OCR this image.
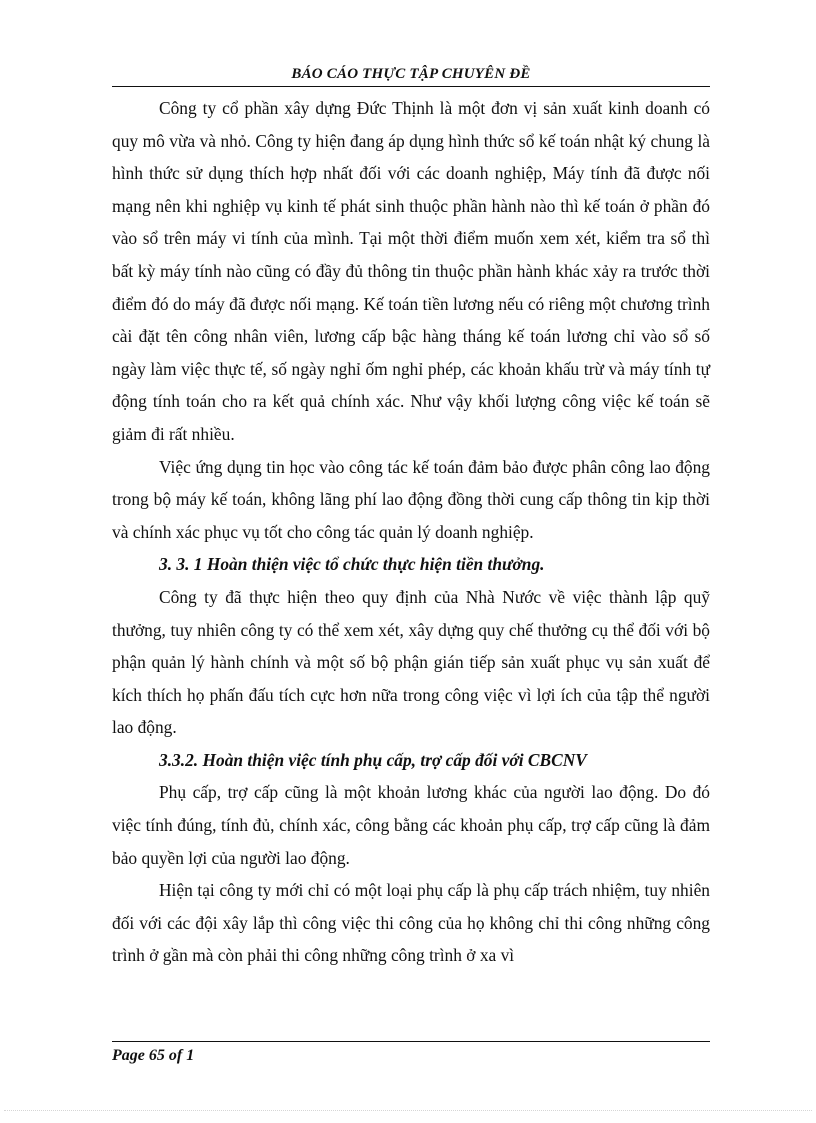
BÁO CÁO THỰC TẬP CHUYÊN ĐỀ

Công ty cổ phần xây dựng Đức Thịnh là một đơn vị sản xuất kinh doanh có quy mô vừa và nhỏ. Công ty hiện đang áp dụng hình thức sổ kế toán nhật ký chung là hình thức sử dụng thích hợp nhất đối với các doanh nghiệp, Máy tính đã được nối mạng nên khi nghiệp vụ kinh tế phát sinh thuộc phần hành nào thì kế toán ở phần đó vào sổ trên máy vi tính của mình. Tại một thời điểm muốn xem xét, kiểm tra sổ thì bất kỳ máy tính nào cũng có đầy đủ thông tin thuộc phần hành khác xảy ra trước thời điểm đó do máy đã được nối mạng. Kế toán tiền lương nếu có riêng một chương trình cài đặt tên công nhân viên, lương cấp bậc hàng tháng kế toán lương chỉ vào sổ số ngày làm việc thực tế, số ngày nghỉ ốm nghỉ phép, các khoản khấu trừ và máy tính tự động tính toán cho ra kết quả chính xác. Như vậy khối lượng công việc kế toán sẽ giảm đi rất nhiều.

Việc ứng dụng tin học vào công tác kế toán đảm bảo được phân công lao động trong bộ máy kế toán, không lãng phí lao động đồng thời cung cấp thông tin kịp thời và chính xác phục vụ tốt cho công tác quản lý doanh nghiệp.

3. 3. 1 Hoàn thiện việc tổ chức thực hiện tiền thưởng.

Công ty đã thực hiện theo quy định của Nhà Nước về việc thành lập quỹ thưởng, tuy nhiên công ty có thể xem xét, xây dựng quy chế thưởng cụ thể đối với bộ phận quản lý hành chính và một số bộ phận gián tiếp sản xuất phục vụ sản xuất để kích thích họ phấn đấu tích cực hơn nữa trong công việc vì lợi ích của tập thể người lao động.

3.3.2. Hoàn thiện việc tính phụ cấp, trợ cấp đối với CBCNV

Phụ cấp, trợ cấp cũng là một khoản lương khác của người lao động. Do đó việc tính đúng, tính đủ, chính xác, công bằng các khoản phụ cấp, trợ cấp cũng là đảm bảo quyền lợi của người lao động.

Hiện tại công ty mới chỉ có một loại phụ cấp là phụ cấp trách nhiệm, tuy nhiên đối với các đội xây lắp thì công việc thi công của họ không chỉ thi công những công trình ở gần mà còn phải thi công những công trình ở xa vì

Page 65 of 1
